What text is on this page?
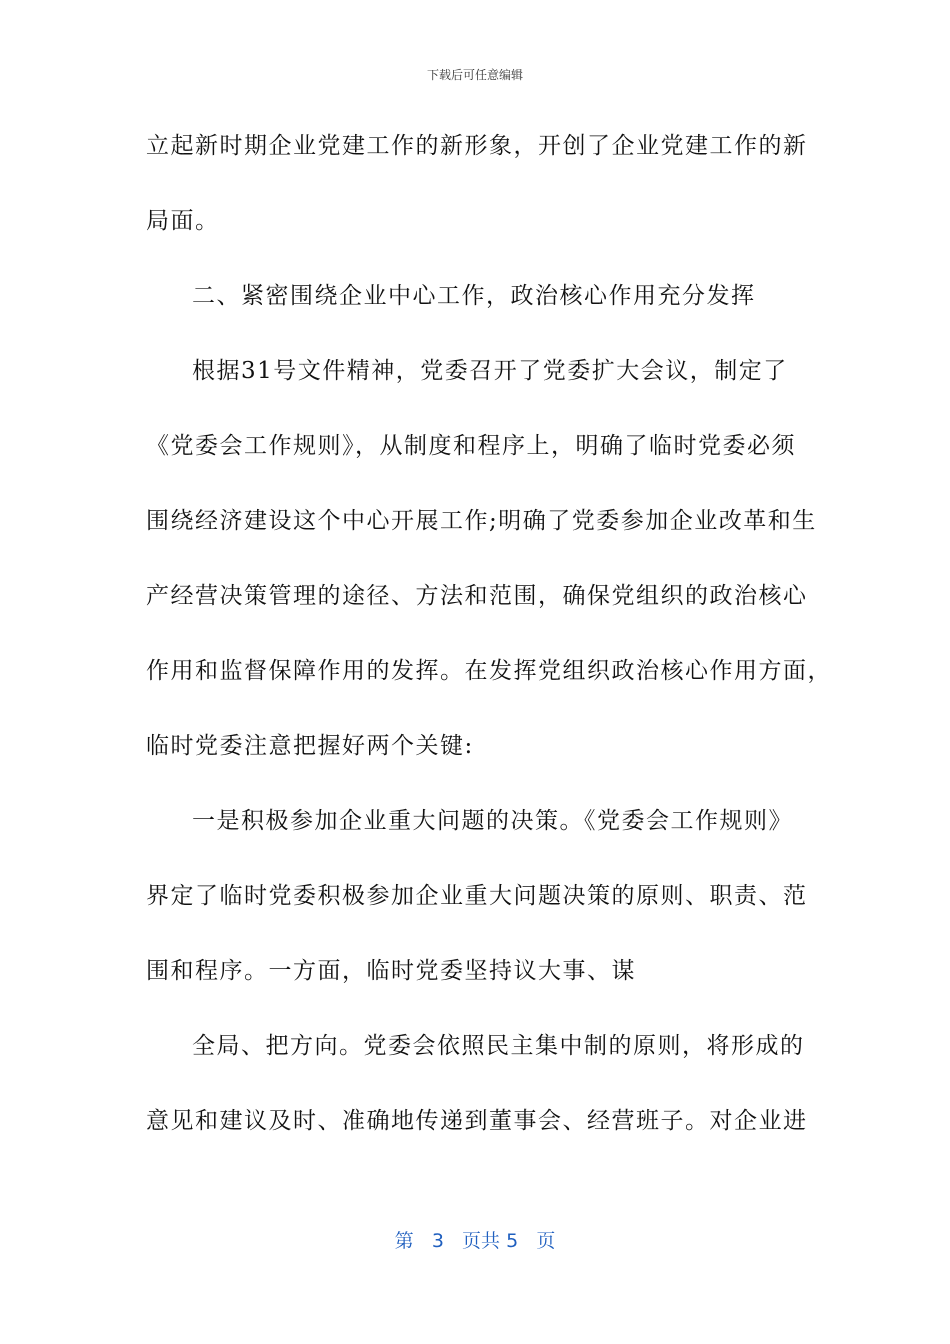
下载后可任意编辑
立起新时期企业党建工作的新形象，开创了企业党建工作的新
局面。
二、紧密围绕企业中心工作，政治核心作用充分发挥
根据31号文件精神，党委召开了党委扩大会议，制定了
《党委会工作规则》，从制度和程序上，明确了临时党委必须
围绕经济建设这个中心开展工作;明确了党委参加企业改革和生
产经营决策管理的途径、方法和范围，确保党组织的政治核心
作用和监督保障作用的发挥。在发挥党组织政治核心作用方面，
临时党委注意把握好两个关键:
一是积极参加企业重大问题的决策。《党委会工作规则》
界定了临时党委积极参加企业重大问题决策的原则、职责、范
围和程序。一方面，临时党委坚持议大事、谋
全局、把方向。党委会依照民主集中制的原则，将形成的
意见和建议及时、准确地传递到董事会、经营班子。对企业进
第 3 页共 5 页
